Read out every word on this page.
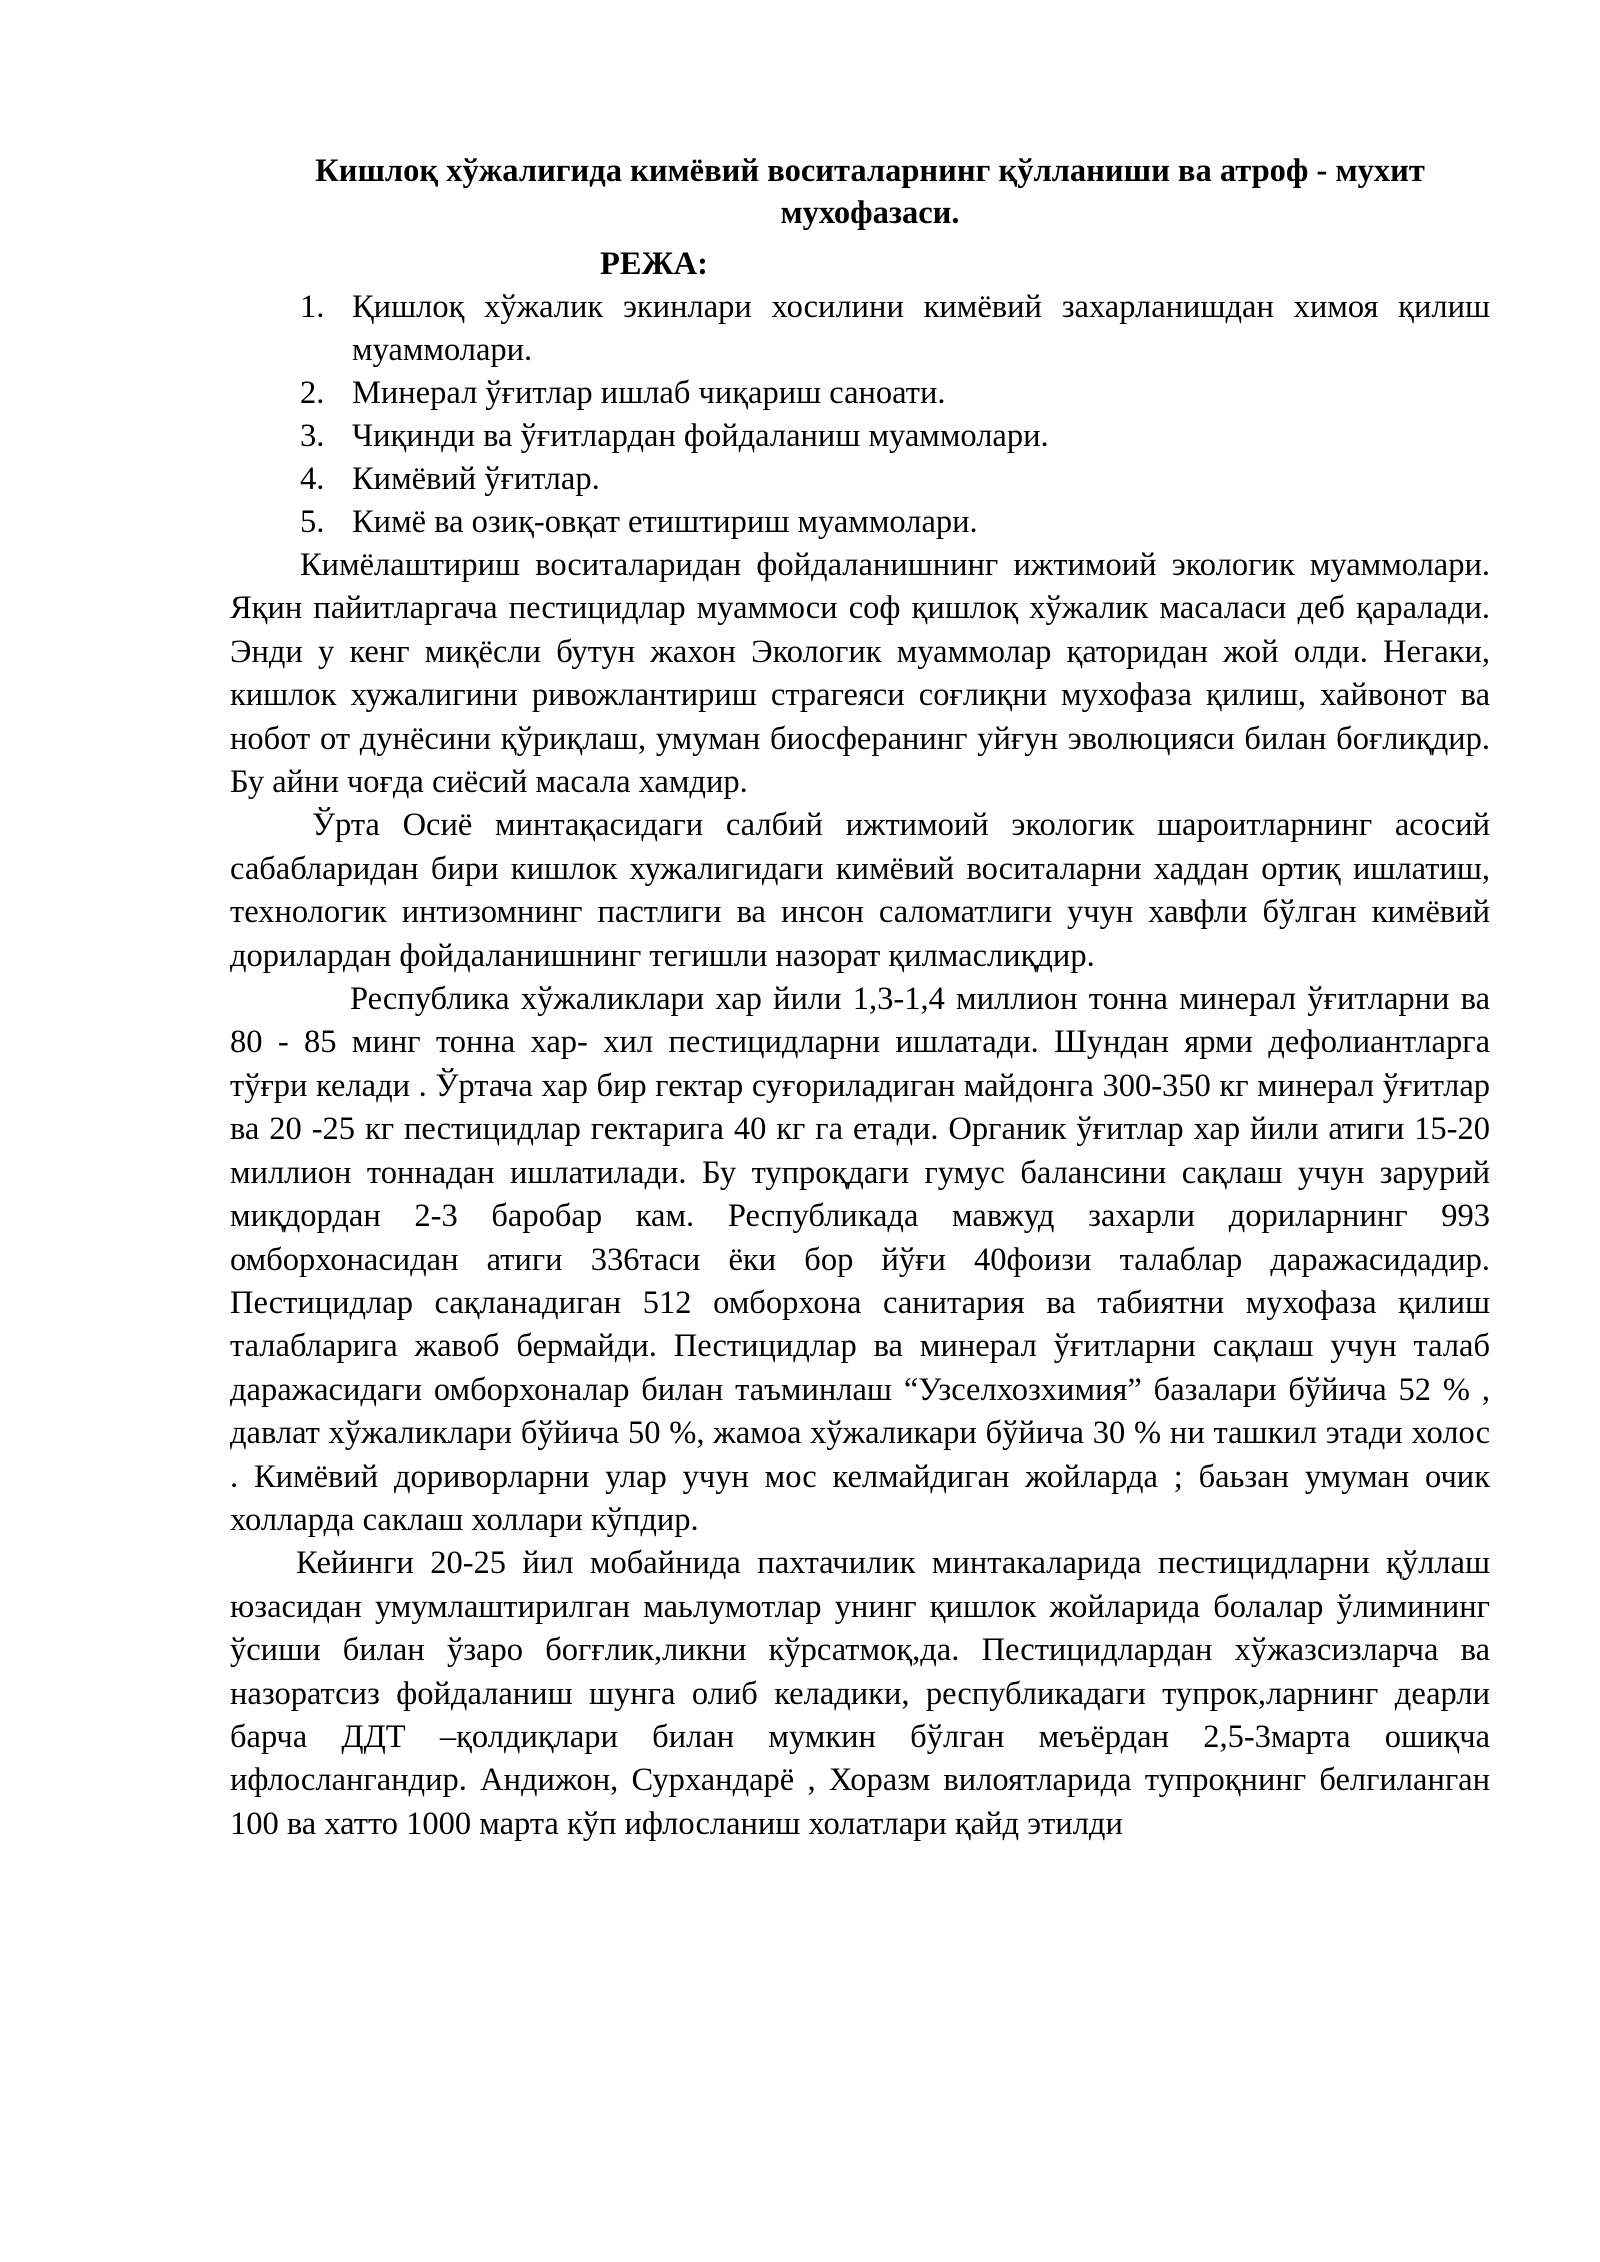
Кишлоқ хўжалигида кимёвий воситаларнинг қўлланиши ва атроф - мухит мухофазаси.
РЕЖА:
1. Қишлоқ хўжалик экинлари хосилини кимёвий захарланишдан химоя қилиш муаммолари.
2. Минерал ўғитлар ишлаб чиқариш саноати.
3. Чиқинди ва ўғитлардан фойдаланиш муаммолари.
4. Кимёвий ўғитлар.
5. Кимё ва озиқ-овқат етиштириш муаммолари.

Кимёлаштириш воситаларидан фойдаланишнинг ижтимоий экологик муаммолари. Яқин пайитларгача пестицидлар муаммоси соф қишлоқ хўжалик масаласи деб қаралади. Энди у кенг миқёсли бутун жахон Экологик муаммолар қаторидан жой олди. Негаки, кишлок хужалигини ривожлантириш страгеяси соғлиқни мухофаза қилиш, хайвонот ва нобот от дунёсини қўриқлаш, умуман биосферанинг уйғун эволюцияси билан боғлиқдир. Бу айни чоғда сиёсий масала хамдир.

Ўрта Осиё минтақасидаги салбий ижтимоий экологик шароитларнинг асосий сабабларидан бири кишлок хужалигидаги кимёвий воситаларни хаддан ортиқ ишлатиш, технологик интизомнинг пастлиги ва инсон саломатлиги учун хавфли бўлган кимёвий дорилардан фойдаланишнинг тегишли назорат қилмаслиқдир.

Республика хўжаликлари хар йили 1,3-1,4 миллион тонна минерал ўғитларни ва 80 - 85 минг тонна хар- хил пестицидларни ишлатади. Шундан ярми дефолиантларга тўғри келади . Ўртача хар бир гектар суғориладиган майдонга 300-350 кг минерал ўғитлар ва 20 -25 кг пестицидлар гектарига 40 кг га етади. Органик ўғитлар хар йили атиги 15-20 миллион тоннадан ишлатилади. Бу тупроқдаги гумус балансини сақлаш учун зарурий миқдордан 2-3 баробар кам. Республикада мавжуд захарли дориларнинг 993 омборхонасидан атиги 336таси ёки бор йўғи 40фоизи талаблар даражасидадир. Пестицидлар сақланадиган 512 омборхона санитария ва табиятни мухофаза қилиш талабларига жавоб бермайди. Пестицидлар ва минерал ўғитларни сақлаш учун талаб даражасидаги омборхоналар билан таъминлаш “Узселхозхимия” базалари бўйича 52 % , давлат хўжаликлари бўйича 50 %, жамоа хўжаликари бўйича 30 % ни ташкил этади холос . Кимёвий дориворларни улар учун мос келмайдиган жойларда ; баьзан умуман очик холларда саклаш холлари кўпдир.

Кейинги 20-25 йил мобайнида пахтачилик минтакаларида пестицидларни қўллаш юзасидан умумлаштирилган маьлумотлар унинг қишлок жойларида болалар ўлимининг ўсиши билан ўзаро богғлик,ликни кўрсатмоқ,да. Пестицидлардан хўжазсизларча ва назоратсиз фойдаланиш шунга олиб келадики, республикадаги тупрок,ларнинг деарли барча ДДТ –қолдиқлари билан мумкин бўлган меъёрдан 2,5-3марта ошиқча ифлослангандир. Андижон, Сурхандарё , Хоразм вилоятларида тупроқнинг белгиланган 100 ва хатто 1000 марта кўп ифлосланиш холатлари қайд этилди
